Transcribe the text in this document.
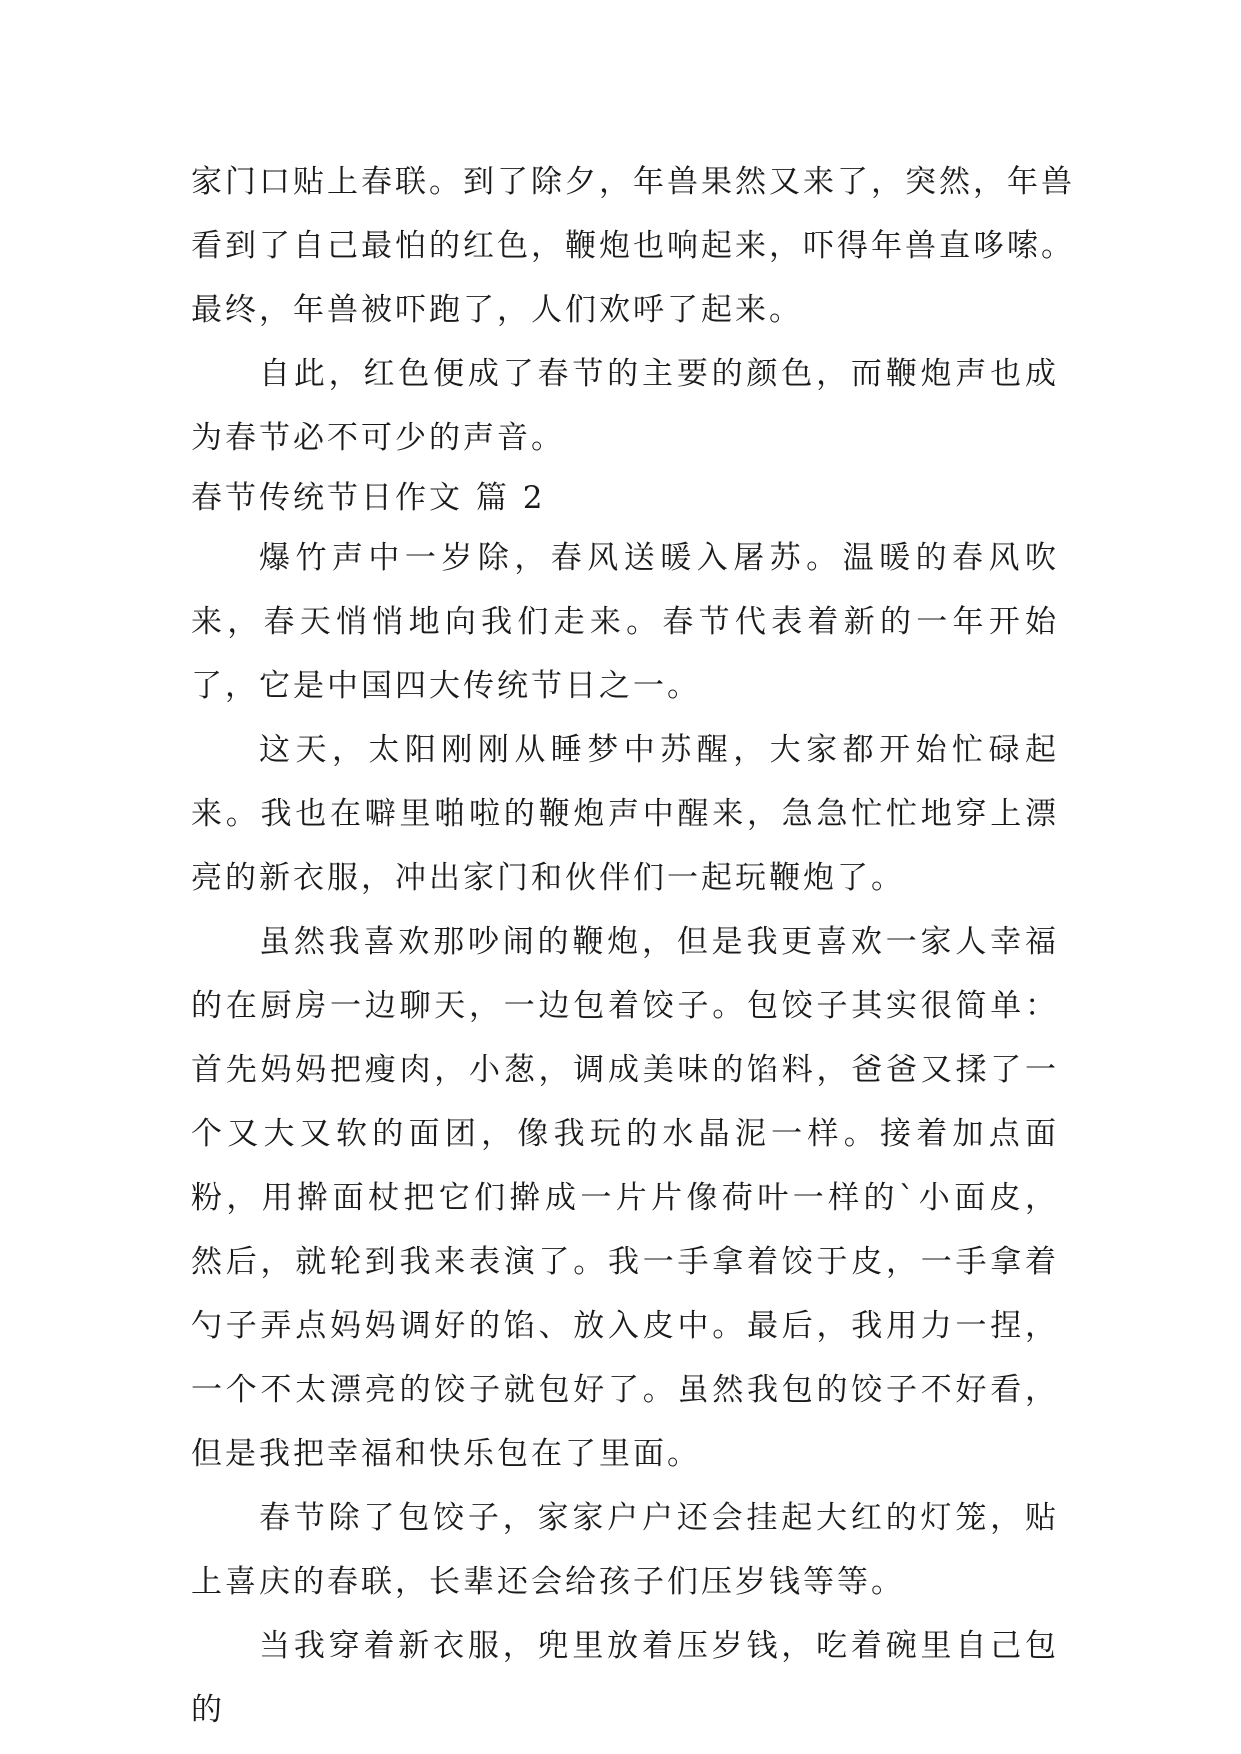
家门口贴上春联。到了除夕，年兽果然又来了，突然，年兽

看到了自己最怕的红色，鞭炮也响起来，吓得年兽直哆嗦。

最终，年兽被吓跑了，人们欢呼了起来。

自此，红色便成了春节的主要的颜色，而鞭炮声也成为春节必不可少的声音。

春节传统节日作文 篇 2

爆竹声中一岁除，春风送暖入屠苏。温暖的春风吹来，春天悄悄地向我们走来。春节代表着新的一年开始了，它是中国四大传统节日之一。

这天，太阳刚刚从睡梦中苏醒，大家都开始忙碌起来。我也在噼里啪啦的鞭炮声中醒来，急急忙忙地穿上漂亮的新衣服，冲出家门和伙伴们一起玩鞭炮了。

虽然我喜欢那吵闹的鞭炮，但是我更喜欢一家人幸福的在厨房一边聊天，一边包着饺子。包饺子其实很简单：首先妈妈把瘦肉，小葱，调成美味的馅料，爸爸又揉了一个又大又软的面团，像我玩的水晶泥一样。接着加点面粉，用擀面杖把它们擀成一片片像荷叶一样的`小面皮，然后，就轮到我来表演了。我一手拿着饺于皮，一手拿着勺子弄点妈妈调好的馅、放入皮中。最后，我用力一捏，一个不太漂亮的饺子就包好了。虽然我包的饺子不好看，但是我把幸福和快乐包在了里面。

春节除了包饺子，家家户户还会挂起大红的灯笼，贴上喜庆的春联，长辈还会给孩子们压岁钱等等。

当我穿着新衣服，兜里放着压岁钱，吃着碗里自己包的
